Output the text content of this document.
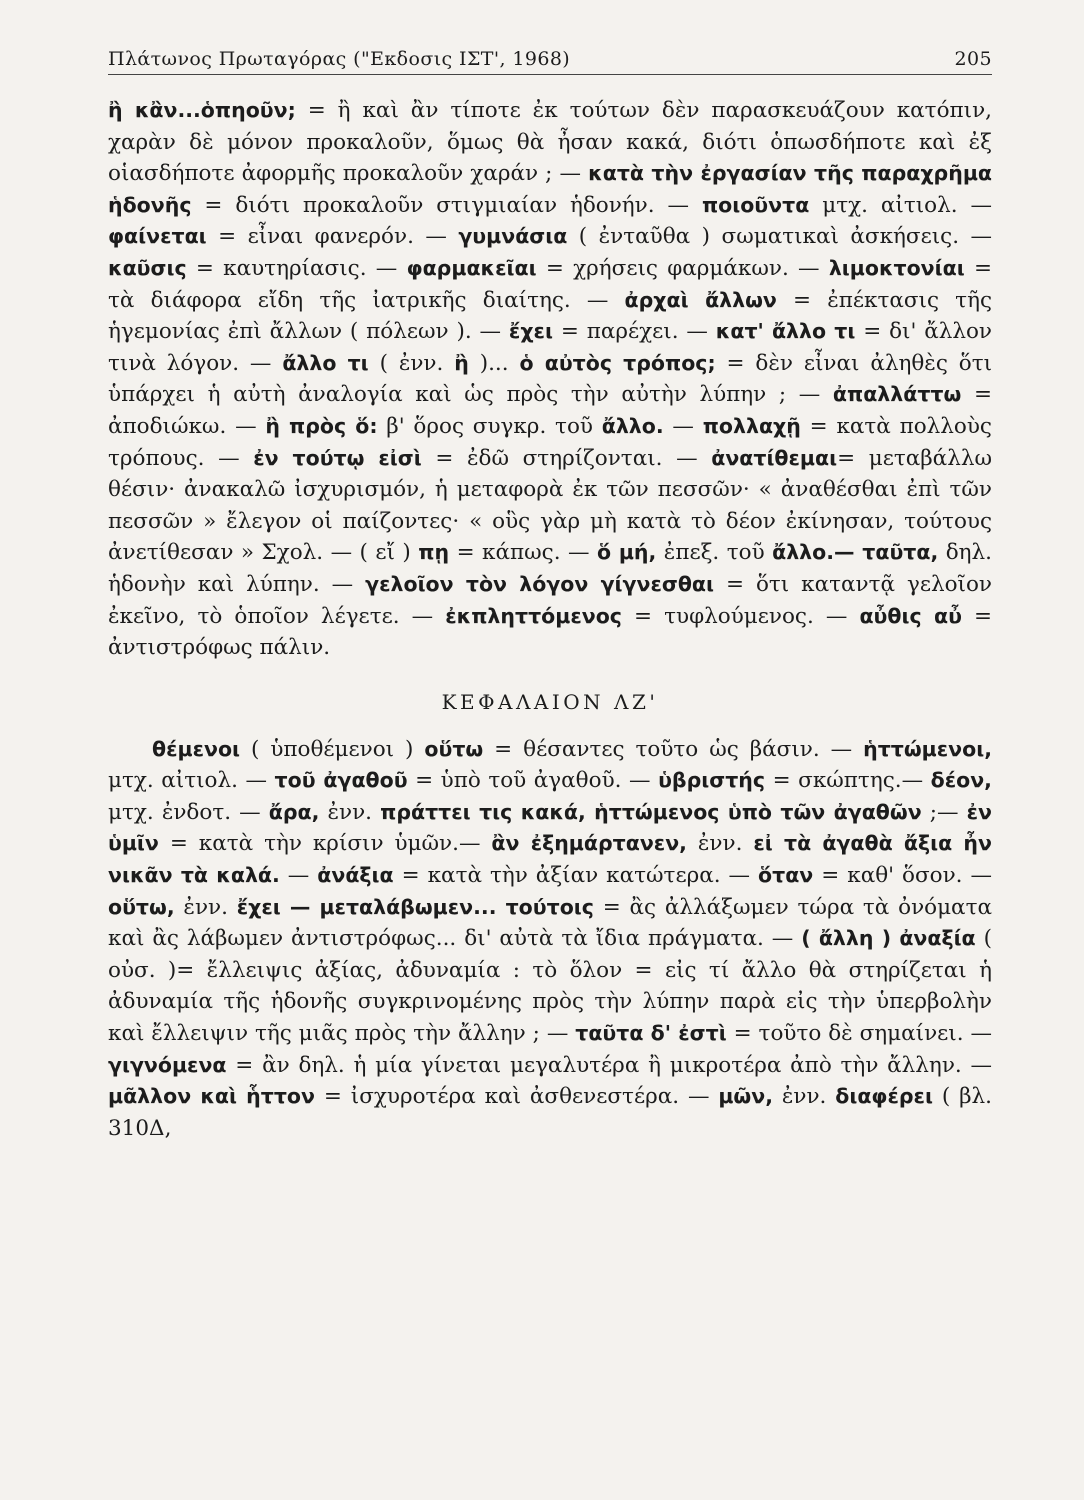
Πλάτωνος Πρωταγόρας ("Εκδοσις ΙΣΤ', 1968)	205

ἢ κἂν...ὁπηοῦν; = ἢ καὶ ἂν τίποτε ἐκ τούτων δὲν παρασκευάζουν κατόπιν, χαρὰν δὲ μόνον προκαλοῦν, ὅμως θὰ ἦσαν κακά, διότι ὁπωσδήποτε καὶ ἐξ οἱασδήποτε ἀφορμῆς προκαλοῦν χαράν ; — κατὰ τὴν ἐργασίαν τῆς παραχρῆμα ἡδονῆς = διότι προκαλοῦν στιγμιαίαν ἡδονήν. — ποιοῦντα μτχ. αἰτιολ. — φαίνεται = εἶναι φανερόν. — γυμνάσια ( ἐνταῦθα ) σωματικαὶ ἀσκήσεις. — καῦσις = καυτηρίασις. — φαρμακεῖαι = χρήσεις φαρμάκων. — λιμοκτονίαι = τὰ διάφορα εἴδη τῆς ἰατρικῆς διαίτης. — ἀρχαὶ ἄλλων = ἐπέκτασις τῆς ἡγεμονίας ἐπὶ ἄλλων ( πόλεων ). — ἔχει = παρέχει. — κατ' ἄλλο τι = δι' ἄλλον τινὰ λόγον. — ἄλλο τι ( ἐνν. ἢ )... ὁ αὐτὸς τρόπος; = δὲν εἶναι ἀληθὲς ὅτι ὑπάρχει ἡ αὐτὴ ἀναλογία καὶ ὡς πρὸς τὴν αὐτὴν λύπην ; — ἀπαλλάττω = ἀποδιώκω. — ἢ πρὸς ὅ: β' ὅρος συγκρ. τοῦ ἄλλο. — πολλαχῇ = κατὰ πολλοὺς τρόπους. — ἐν τούτῳ εἰσὶ = ἐδῶ στηρίζονται. — ἀνατίθεμαι= μεταβάλλω θέσιν· ἀνακαλῶ ἰσχυρισμόν, ἡ μεταφορὰ ἐκ τῶν πεσσῶν· « ἀναθέσθαι ἐπὶ τῶν πεσσῶν » ἔλεγον οἱ παίζοντες· « οὓς γὰρ μὴ κατὰ τὸ δέον ἐκίνησαν, τούτους ἀνετίθεσαν » Σχολ. — ( εἴ ) πῃ = κάπως. — ὅ μή, ἐπεξ. τοῦ ἄλλο.— ταῦτα, δηλ. ἡδονὴν καὶ λύπην. — γελοῖον τὸν λόγον γίγνεσθαι = ὅτι καταντᾷ γελοῖον ἐκεῖνο, τὸ ὁποῖον λέγετε. — ἐκπληττόμενος = τυφλούμενος. — αὖθις αὖ = ἀντιστρόφως πάλιν.

ΚΕΦΑΛΑΙΟΝ ΛΖ'

θέμενοι ( ὑποθέμενοι ) οὕτω = θέσαντες τοῦτο ὡς βάσιν. — ἡττώμενοι, μτχ. αἰτιολ. — τοῦ ἀγαθοῦ = ὑπὸ τοῦ ἀγαθοῦ. — ὑβριστής = σκώπτης.— δέον, μτχ. ἐνδοτ. — ἄρα, ἐνν. πράττει τις κακά, ἡττώμενος ὑπὸ τῶν ἀγαθῶν ;— ἐν ὑμῖν = κατὰ τὴν κρίσιν ὑμῶν.— ἂν ἐξημάρτανεν, ἐνν. εἰ τὰ ἀγαθὰ ἄξια ἦν νικᾶν τὰ καλά. — ἀνάξια = κατὰ τὴν ἀξίαν κατώτερα. — ὅταν = καθ' ὅσον. — οὕτω, ἐνν. ἔχει — μεταλάβωμεν... τούτοις = ἂς ἀλλάξωμεν τώρα τὰ ὀνόματα καὶ ἂς λάβωμεν ἀντιστρόφως... δι' αὐτὰ τὰ ἴδια πράγματα. — ( ἄλλη ) ἀναξία ( οὐσ. )= ἔλλειψις ἀξίας, ἀδυναμία : τὸ ὅλον = εἰς τί ἄλλο θὰ στηρίζεται ἡ ἀδυναμία τῆς ἡδονῆς συγκρινομένης πρὸς τὴν λύπην παρὰ εἰς τὴν ὑπερβολὴν καὶ ἔλλειψιν τῆς μιᾶς πρὸς τὴν ἄλλην ; — ταῦτα δ' ἐστὶ = τοῦτο δὲ σημαίνει. — γιγνόμενα = ἂν δηλ. ἡ μία γίνεται μεγαλυτέρα ἢ μικροτέρα ἀπὸ τὴν ἄλλην. — μᾶλλον καὶ ἧττον = ἰσχυροτέρα καὶ ἀσθενεστέρα. — μῶν, ἐνν. διαφέρει ( βλ. 310Δ,
